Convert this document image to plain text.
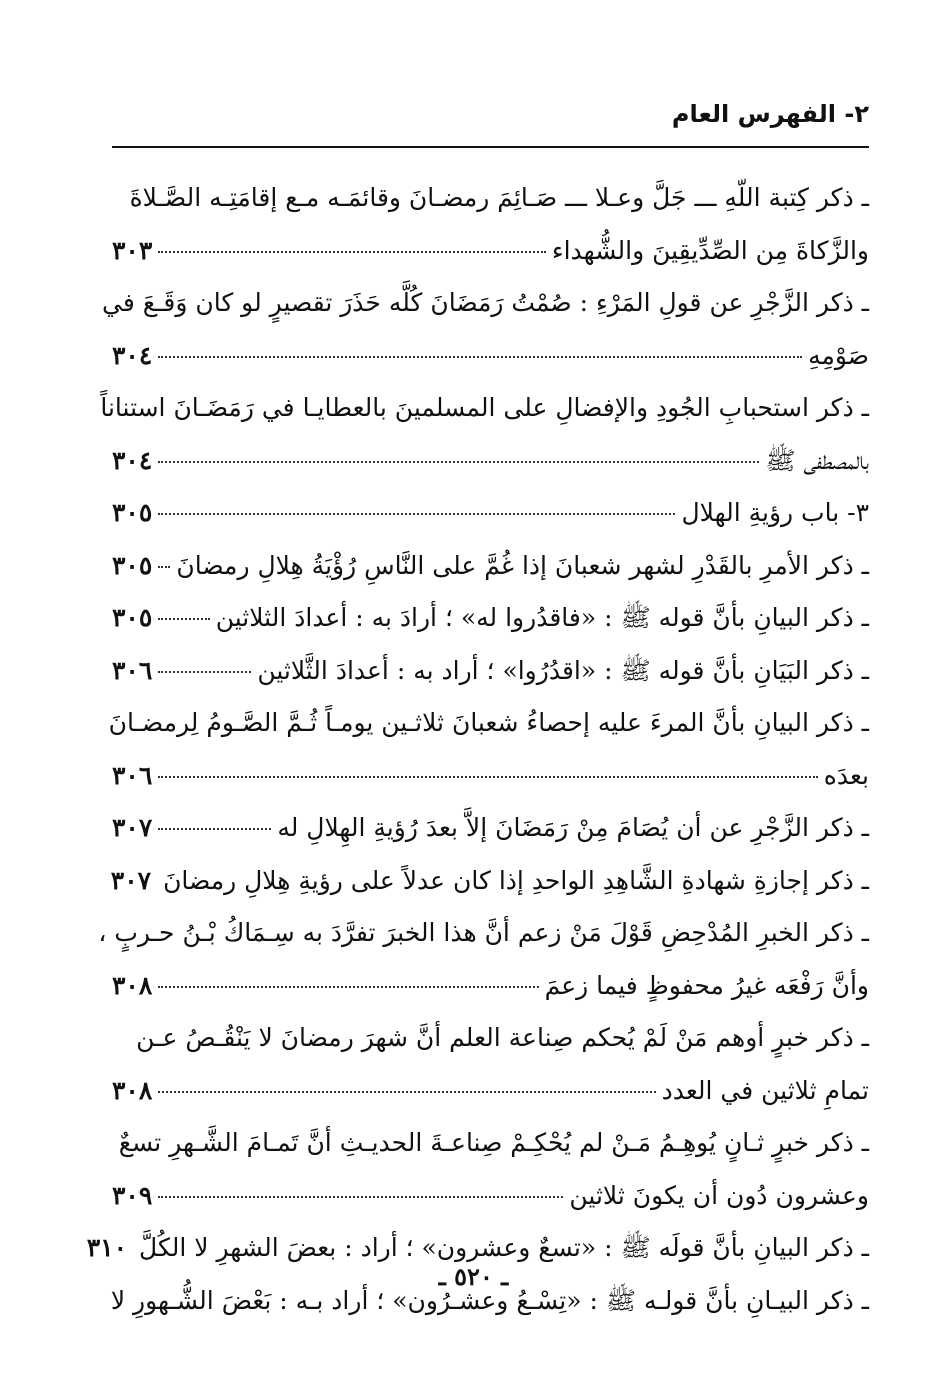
٢- الفهرس العام
ـ ذكر كِتبة اللّهِ ـــ جَلَّ وعـلا ـــ صَـائِمَ رمضـانَ وقائمَـه مـع إقامَتِـه الصَّـلاةَ
والزَّكاةَ مِن الصِّدِّيقِينَ والشُّهداء
٣٠٣
ـ ذكر الزَّجْرِ عن قولِ المَرْءِ : صُمْتُ رَمَضَانَ كُلَّه حَذَرَ تقصيرٍ لو كان وَقَـعَ في
صَوْمِهِ
٣٠٤
ـ ذكر استحبابِ الجُودِ والإفضالِ على المسلمينَ بالعطايـا في رَمَضَـانَ استناناً
بالمصطفى ﷺ
٣٠٤
٣- باب رؤيةِ الهلال
٣٠٥
ـ ذكر الأمرِ بالقَدْرِ لشهر شعبانَ إذا غُمَّ على النَّاسِ رُؤْيَةُ هِلالِ رمضانَ
٣٠٥
ـ ذكر البيانِ بأنَّ قوله ﷺ : «فاقدُروا له» ؛ أرادَ به : أعدادَ الثلاثين
٣٠٥
ـ ذكر البَيَانِ بأنَّ قوله ﷺ : «اقدُرُوا» ؛ أراد به : أعدادَ الثَّلاثين
٣٠٦
ـ ذكر البيانِ بأنَّ المرءَ عليه إحصاءُ شعبانَ ثلاثـين يومـاً ثُـمَّ الصَّـومُ لِرمضـانَ
بعدَه
٣٠٦
ـ ذكر الزَّجْرِ عن أن يُصَامَ مِنْ رَمَضَانَ إلاَّ بعدَ رُؤيةِ الهِلالِ له
٣٠٧
ـ ذكر إجازةِ شهادةِ الشَّاهِدِ الواحدِ إذا كان عدلاً على رؤيةِ هِلالِ رمضانَ
٣٠٧
ـ ذكر الخبرِ المُدْحِضِ قَوْلَ مَنْ زعم أنَّ هذا الخبرَ تفرَّدَ به سِـمَاكُ بْـنُ حـربٍ ،
وأنَّ رَفْعَه غيرُ محفوظٍ فيما زعمَ
٣٠٨
ـ ذكر خبرٍ أوهم مَنْ لَمْ يُحكم صِناعة العلم أنَّ شهرَ رمضانَ لا يَنْقُـصُ عـن
تمامِ ثلاثين في العدد
٣٠٨
ـ ذكر خبرٍ ثـانٍ يُوهِـمُ مَـنْ لم يُحْكِـمْ صِناعـةَ الحديـثِ أنَّ تَمـامَ الشَّـهرِ تسعٌ
وعشرون دُون أن يكونَ ثلاثين
٣٠٩
ـ ذكر البيانِ بأنَّ قولَه ﷺ : «تسعٌ وعشرون» ؛ أراد : بعضَ الشهرِ لا الكُلَّ
٣١٠
ـ ذكر البيـانِ بأنَّ قولـه ﷺ : «تِسْـعُ وعشـرُون» ؛ أراد بـه : بَعْضَ الشُّـهورِ لا
ـ ٥٢٠ ـ
